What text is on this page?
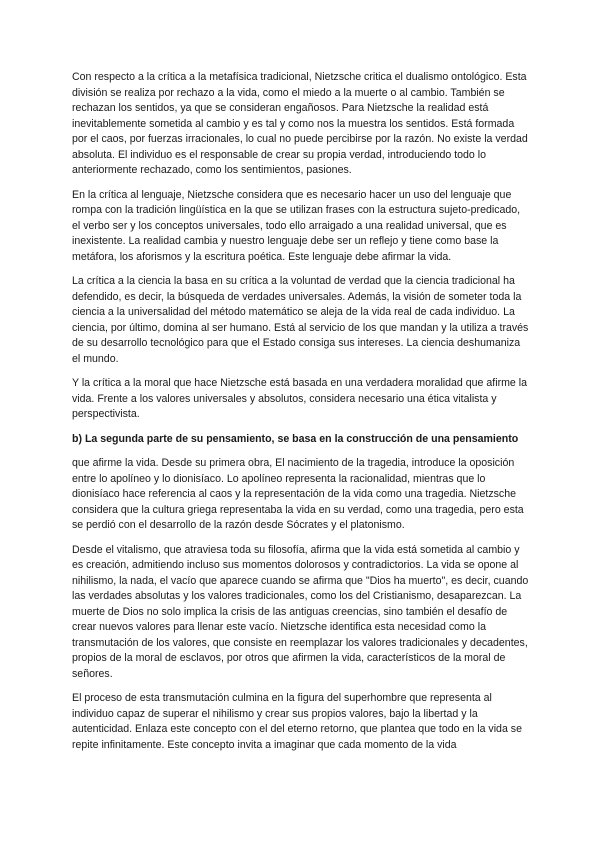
Con respecto a la crítica a la metafísica tradicional, Nietzsche critica el dualismo ontológico. Esta división se realiza por rechazo a la vida, como el miedo a la muerte o al cambio. También se rechazan los sentidos, ya que se consideran engañosos. Para Nietzsche la realidad está inevitablemente sometida al cambio y es tal y como nos la muestra los sentidos. Está formada por el caos, por fuerzas irracionales, lo cual no puede percibirse por la razón. No existe la verdad absoluta. El individuo es el responsable de crear su propia verdad, introduciendo todo lo anteriormente rechazado, como los sentimientos, pasiones.

En la crítica al lenguaje, Nietzsche considera que es necesario hacer un uso del lenguaje que rompa con la tradición lingüística en la que se utilizan frases con la estructura sujeto-predicado, el verbo ser y los conceptos universales, todo ello arraigado a una realidad universal, que es inexistente. La realidad cambia y nuestro lenguaje debe ser un reflejo y tiene como base la metáfora, los aforismos y la escritura poética. Este lenguaje debe afirmar la vida.

La crítica a la ciencia la basa en su crítica a la voluntad de verdad que la ciencia tradicional ha defendido, es decir, la búsqueda de verdades universales. Además, la visión de someter toda la ciencia a la universalidad del método matemático se aleja de la vida real de cada individuo. La ciencia, por último, domina al ser humano. Está al servicio de los que mandan y la utiliza a través de su desarrollo tecnológico para que el Estado consiga sus intereses. La ciencia deshumaniza el mundo.

Y la crítica a la moral que hace Nietzsche está basada en una verdadera moralidad que afirme la vida. Frente a los valores universales y absolutos, considera necesario una ética vitalista y perspectivista.

b) La segunda parte de su pensamiento, se basa en la construcción de una pensamiento

que afirme la vida. Desde su primera obra, El nacimiento de la tragedia, introduce la oposición entre lo apolíneo y lo dionisíaco. Lo apolíneo representa la racionalidad, mientras que lo dionisíaco hace referencia al caos y la representación de la vida como una tragedia. Nietzsche considera que la cultura griega representaba la vida en su verdad, como una tragedia, pero esta se perdió con el desarrollo de la razón desde Sócrates y el platonismo.

Desde el vitalismo, que atraviesa toda su filosofía, afirma que la vida está sometida al cambio y es creación, admitiendo incluso sus momentos dolorosos y contradictorios. La vida se opone al nihilismo, la nada, el vacío que aparece cuando se afirma que "Dios ha muerto", es decir, cuando las verdades absolutas y los valores tradicionales, como los del Cristianismo, desaparezcan. La muerte de Dios no solo implica la crisis de las antiguas creencias, sino también el desafío de crear nuevos valores para llenar este vacío. Nietzsche identifica esta necesidad como la transmutación de los valores, que consiste en reemplazar los valores tradicionales y decadentes, propios de la moral de esclavos, por otros que afirmen la vida, característicos de la moral de señores.

El proceso de esta transmutación culmina en la figura del superhombre que representa al individuo capaz de superar el nihilismo y crear sus propios valores, bajo la libertad y la autenticidad. Enlaza este concepto con el del eterno retorno, que plantea que todo en la vida se repite infinitamente. Este concepto invita a imaginar que cada momento de la vida
